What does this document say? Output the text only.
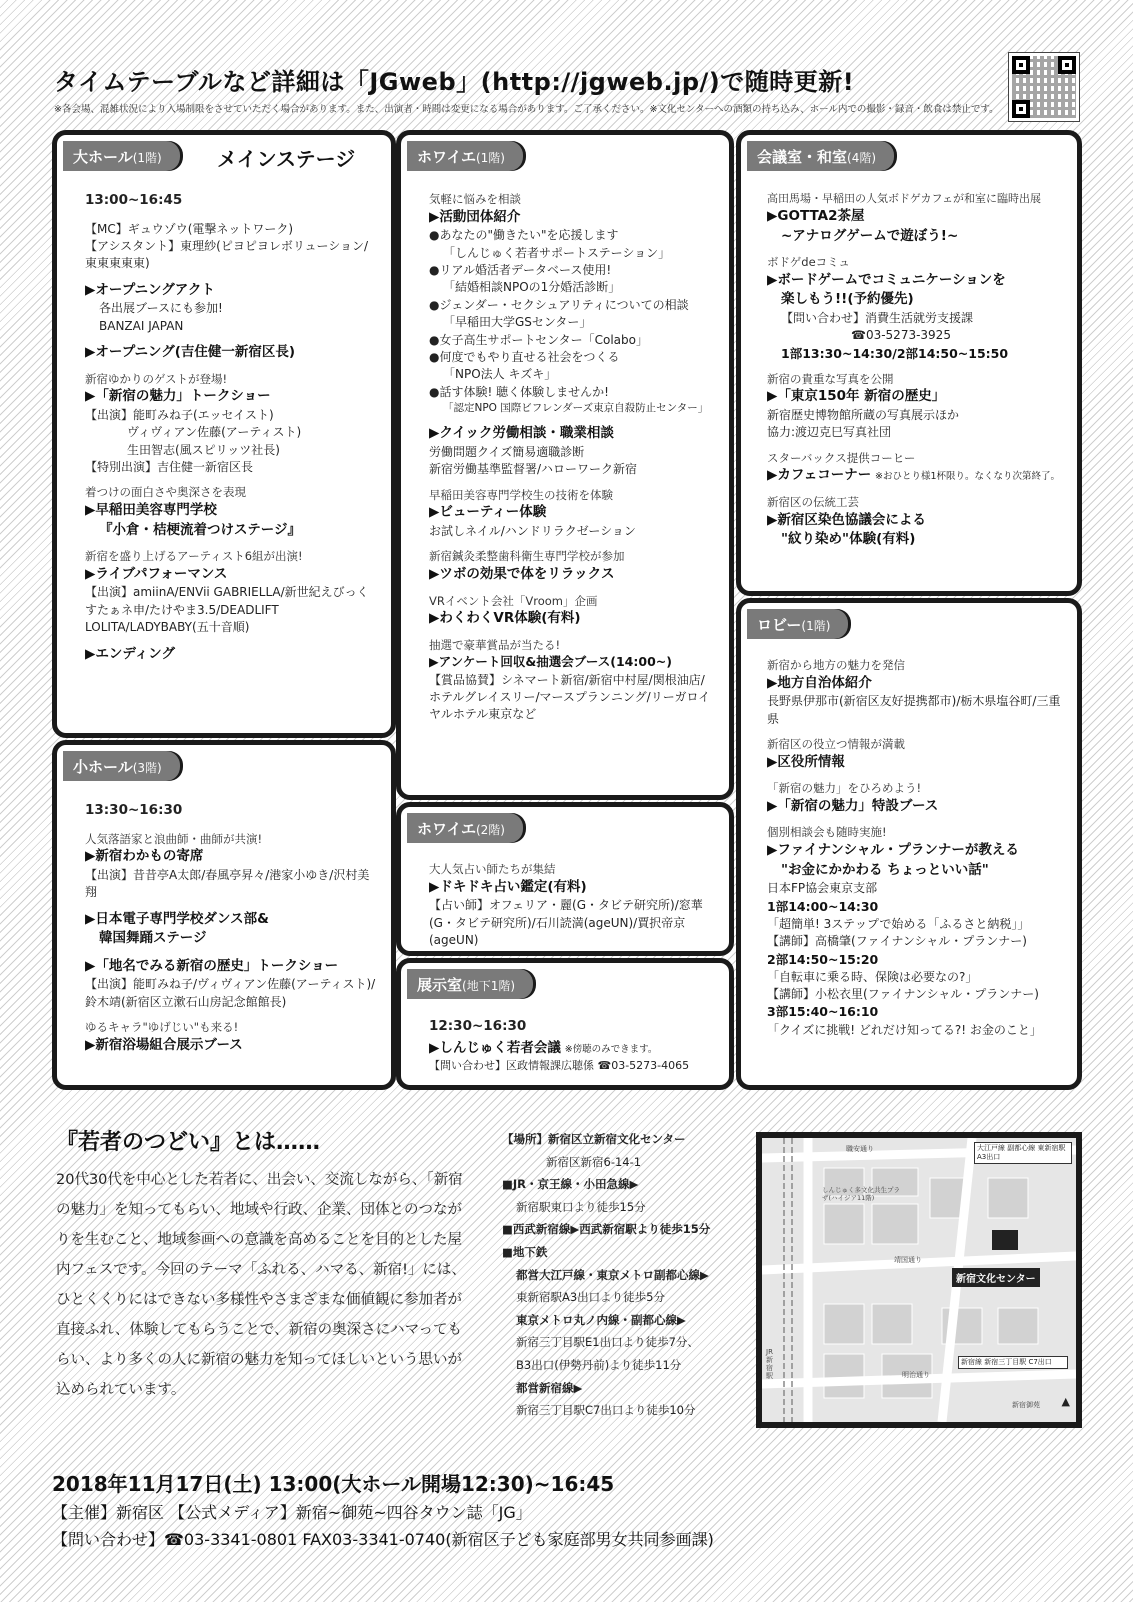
タイムテーブルなど詳細は「JGweb」(http://jgweb.jp/)で随時更新!
※各会場、混雑状況により入場制限をさせていただく場合があります。また、出演者・時間は変更になる場合があります。ご了承ください。※文化センターへの酒類の持ち込み、ホール内での撮影・録音・飲食は禁止です。
大ホール(1階)	メインステージ
13:00~16:45
【MC】ギュウゾウ(電撃ネットワーク)
【アシスタント】東理紗(ピヨピヨレボリューション/東東東東東)
▶オープニングアクト
各出展ブースにも参加!
BANZAI JAPAN
▶オープニング(吉住健一新宿区長)
新宿ゆかりのゲストが登場!
▶「新宿の魅力」トークショー
【出演】能町みね子(エッセイスト)
ヴィヴィアン佐藤(アーティスト)
生田智志(風スピリッツ社長)
【特別出演】吉住健一新宿区長
着つけの面白さや奥深さを表現
▶早稲田美容専門学校
『小倉・桔梗流着つけステージ』
新宿を盛り上げるアーティスト6組が出演!
▶ライブパフォーマンス
【出演】amiinA/ENVii GABRIELLA/新世紀えびっくすたぁネ申/たけやま3.5/DEADLIFT LOLITA/LADYBABY(五十音順)
▶エンディング
小ホール(3階)
13:30~16:30
人気落語家と浪曲師・曲師が共演!
▶新宿わかもの寄席
【出演】昔昔亭A太郎/春風亭昇々/港家小ゆき/沢村美翔
▶日本電子専門学校ダンス部&
韓国舞踊ステージ
▶「地名でみる新宿の歴史」トークショー
【出演】能町みね子/ヴィヴィアン佐藤(アーティスト)/鈴木靖(新宿区立漱石山房記念館館長)
ゆるキャラ"ゆげじい"も来る!
▶新宿浴場組合展示ブース
ホワイエ(1階)
気軽に悩みを相談
▶活動団体紹介
●あなたの"働きたい"を応援します
「しんじゅく若者サポートステーション」
●リアル婚活者データベース使用!
「結婚相談NPOの1分婚活診断」
●ジェンダー・セクシュアリティについての相談
「早稲田大学GSセンター」
●女子高生サポートセンター「Colabo」
●何度でもやり直せる社会をつくる
「NPO法人 キズキ」
●話す体験! 聴く体験しませんか!
「認定NPO 国際ビフレンダーズ東京自殺防止センター」
▶クイック労働相談・職業相談
労働問題クイズ簡易適職診断
新宿労働基準監督署/ハローワーク新宿
早稲田美容専門学校生の技術を体験
▶ビューティー体験
お試しネイル/ハンドリラクゼーション
新宿鍼灸柔整歯科衛生専門学校が参加
▶ツボの効果で体をリラックス
VRイベント会社「Vroom」企画
▶わくわくVR体験(有料)
抽選で豪華賞品が当たる!
▶アンケート回収&抽選会ブース(14:00~)
【賞品協賛】シネマート新宿/新宿中村屋/関根油店/ホテルグレイスリー/マースプランニング/リーガロイヤルホテル東京など
ホワイエ(2階)
大人気占い師たちが集結
▶ドキドキ占い鑑定(有料)
【占い師】オフェリア・麗(G・タビテ研究所)/窓華(G・タビテ研究所)/石川読満(ageUN)/賈択帝京(ageUN)
展示室(地下1階)
12:30~16:30
▶しんじゅく若者会議 ※傍聴のみできます。
【問い合わせ】区政情報課広聴係 ☎03-5273-4065
会議室・和室(4階)
高田馬場・早稲田の人気ボドゲカフェが和室に臨時出展
▶GOTTA2茶屋
~アナログゲームで遊ぼう!~
ボドゲdeコミュ
▶ボードゲームでコミュニケーションを
楽しもう!!(予約優先)
【問い合わせ】消費生活就労支援課
☎03-5273-3925
1部13:30~14:30/2部14:50~15:50
新宿の貴重な写真を公開
▶「東京150年 新宿の歴史」
新宿歴史博物館所蔵の写真展示ほか
協力:渡辺克巳写真社団
スターバックス提供コーヒー
▶カフェコーナー ※おひとり様1杯限り。なくなり次第終了。
新宿区の伝統工芸
▶新宿区染色協議会による
"紋り染め"体験(有料)
ロビー(1階)
新宿から地方の魅力を発信
▶地方自治体紹介
長野県伊那市(新宿区友好提携都市)/栃木県塩谷町/三重県
新宿区の役立つ情報が満載
▶区役所情報
「新宿の魅力」をひろめよう!
▶「新宿の魅力」特設ブース
個別相談会も随時実施!
▶ファイナンシャル・プランナーが教える
"お金にかかわる ちょっといい話"
日本FP協会東京支部
1部14:00~14:30
「超簡単! 3ステップで始める「ふるさと納税」」
【講師】高橋肇(ファイナンシャル・プランナー)
2部14:50~15:20
「自転車に乗る時、保険は必要なの?」
【講師】小松衣里(ファイナンシャル・プランナー)
3部15:40~16:10
「クイズに挑戦! どれだけ知ってる?! お金のこと」
『若者のつどい』とは……
20代30代を中心とした若者に、出会い、交流しながら、「新宿の魅力」を知ってもらい、地域や行政、企業、団体とのつながりを生むこと、地域参画への意識を高めることを目的とした屋内フェスです。今回のテーマ「ふれる、ハマる、新宿!」には、ひとくくりにはできない多様性やさまざまな価値観に参加者が直接ふれ、体験してもらうことで、新宿の奥深さにハマってもらい、より多くの人に新宿の魅力を知ってほしいという思いが込められています。
【場所】新宿区立新宿文化センター
新宿区新宿6-14-1
■JR・京王線・小田急線▶
新宿駅東口より徒歩15分
■西武新宿線▶西武新宿駅より徒歩15分
■地下鉄
都営大江戸線・東京メトロ副都心線▶
東新宿駅A3出口より徒歩5分
東京メトロ丸ノ内線・副都心線▶
新宿三丁目駅E1出口より徒歩7分、
B3出口(伊勢丹前)より徒歩11分
都営新宿線▶
新宿三丁目駅C7出口より徒歩10分
新宿文化センター
大江戸線 副都心線 東新宿駅 A3出口
新宿線 新宿三丁目駅 C7出口
靖国通り
職安通り
明治通り
JR新宿駅
しんじゅく多文化共生プラザ(ハイジア11階)
新宿御苑 ▲
2018年11月17日(土) 13:00(大ホール開場12:30)~16:45
【主催】新宿区 【公式メディア】新宿~御苑~四谷タウン誌「JG」
【問い合わせ】☎03-3341-0801 FAX03-3341-0740(新宿区子ども家庭部男女共同参画課)
